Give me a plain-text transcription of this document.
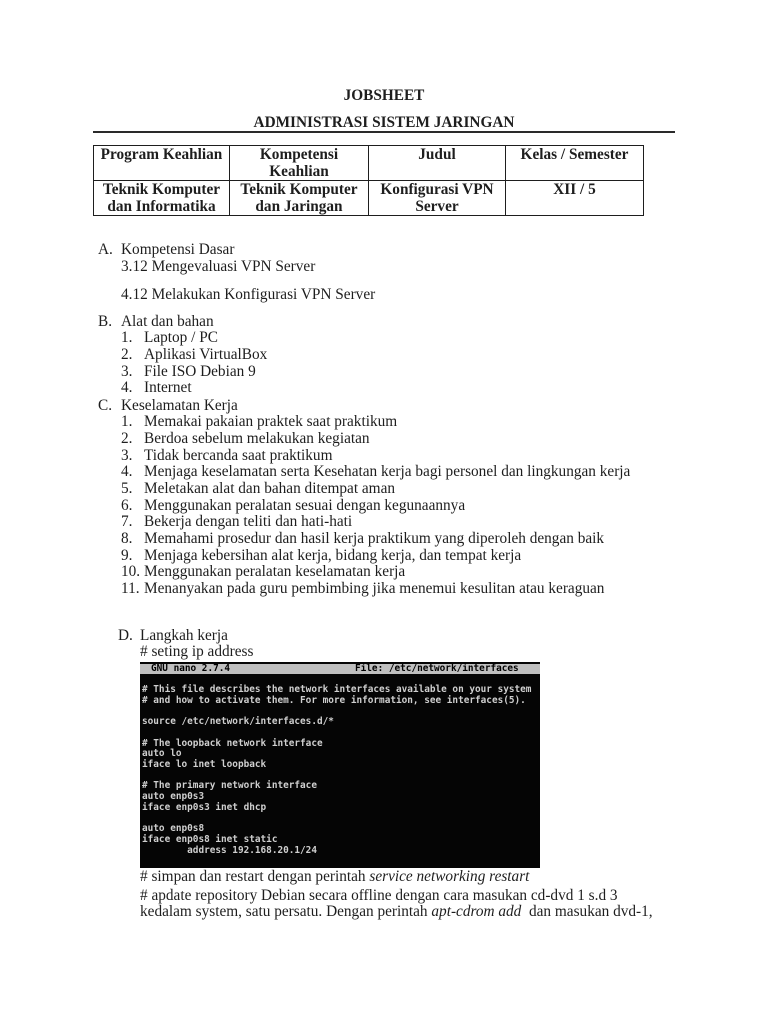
JOBSHEET
ADMINISTRASI SISTEM JARINGAN
Program Keahlian	Kompetensi Keahlian	Judul	Kelas / Semester
Teknik Komputer dan Informatika	Teknik Komputer dan Jaringan	Konfigurasi VPN Server	XII / 5
A. Kompetensi Dasar
3.12 Mengevaluasi VPN Server
4.12 Melakukan Konfigurasi VPN Server
B. Alat dan bahan
1. Laptop / PC
2. Aplikasi VirtualBox
3. File ISO Debian 9
4. Internet
C. Keselamatan Kerja
1. Memakai pakaian praktek saat praktikum
2. Berdoa sebelum melakukan kegiatan
3. Tidak bercanda saat praktikum
4. Menjaga keselamatan serta Kesehatan kerja bagi personel dan lingkungan kerja
5. Meletakan alat dan bahan ditempat aman
6. Menggunakan peralatan sesuai dengan kegunaannya
7. Bekerja dengan teliti dan hati-hati
8. Memahami prosedur dan hasil kerja praktikum yang diperoleh dengan baik
9. Menjaga kebersihan alat kerja, bidang kerja, dan tempat kerja
10. Menggunakan peralatan keselamatan kerja
11. Menanyakan pada guru pembimbing jika menemui kesulitan atau keraguan
D. Langkah kerja
# seting ip address
GNU nano 2.7.4	File: /etc/network/interfaces
# This file describes the network interfaces available on your system
# and how to activate them. For more information, see interfaces(5).
source /etc/network/interfaces.d/*
# The loopback network interface
auto lo
iface lo inet loopback
# The primary network interface
auto enp0s3
iface enp0s3 inet dhcp
auto enp0s8
iface enp0s8 inet static
address 192.168.20.1/24
# simpan dan restart dengan perintah service networking restart
# apdate repository Debian secara offline dengan cara masukan cd-dvd 1 s.d 3
kedalam system, satu persatu. Dengan perintah apt-cdrom add  dan masukan dvd-1,
